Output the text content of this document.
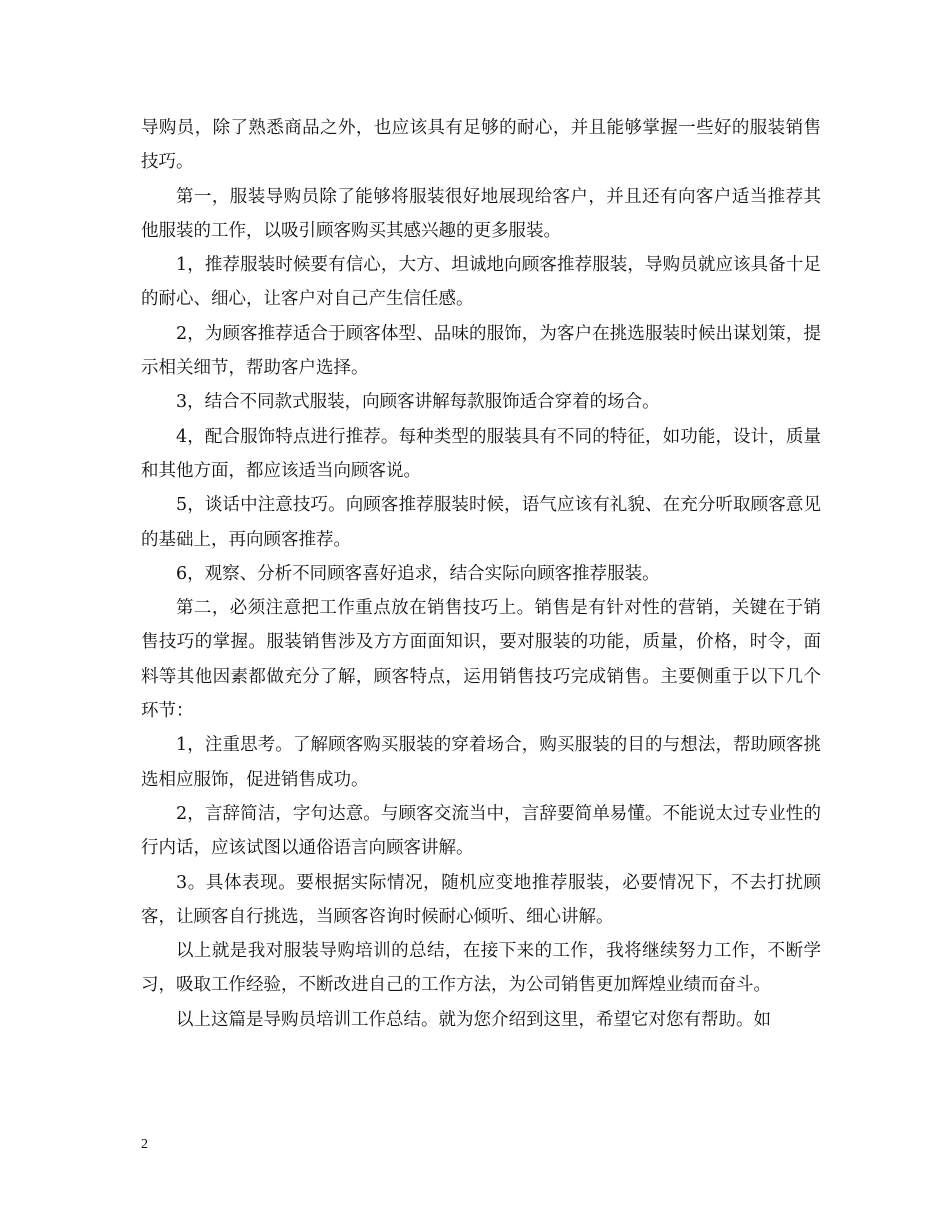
导购员，除了熟悉商品之外，也应该具有足够的耐心，并且能够掌握一些好的服装销售技巧。

第一，服装导购员除了能够将服装很好地展现给客户，并且还有向客户适当推荐其他服装的工作，以吸引顾客购买其感兴趣的更多服装。

1，推荐服装时候要有信心，大方、坦诚地向顾客推荐服装，导购员就应该具备十足的耐心、细心，让客户对自己产生信任感。

2，为顾客推荐适合于顾客体型、品味的服饰，为客户在挑选服装时候出谋划策，提示相关细节，帮助客户选择。

3，结合不同款式服装，向顾客讲解每款服饰适合穿着的场合。

4，配合服饰特点进行推荐。每种类型的服装具有不同的特征，如功能，设计，质量和其他方面，都应该适当向顾客说。

5，谈话中注意技巧。向顾客推荐服装时候，语气应该有礼貌、在充分听取顾客意见的基础上，再向顾客推荐。

6，观察、分析不同顾客喜好追求，结合实际向顾客推荐服装。

第二，必须注意把工作重点放在销售技巧上。销售是有针对性的营销，关键在于销售技巧的掌握。服装销售涉及方方面面知识，要对服装的功能，质量，价格，时令，面料等其他因素都做充分了解，顾客特点，运用销售技巧完成销售。主要侧重于以下几个环节：

1，注重思考。了解顾客购买服装的穿着场合，购买服装的目的与想法，帮助顾客挑选相应服饰，促进销售成功。

2，言辞简洁，字句达意。与顾客交流当中，言辞要简单易懂。不能说太过专业性的行内话，应该试图以通俗语言向顾客讲解。

3。具体表现。要根据实际情况，随机应变地推荐服装，必要情况下，不去打扰顾客，让顾客自行挑选，当顾客咨询时候耐心倾听、细心讲解。

以上就是我对服装导购培训的总结，在接下来的工作，我将继续努力工作，不断学习，吸取工作经验，不断改进自己的工作方法，为公司销售更加辉煌业绩而奋斗。

以上这篇是导购员培训工作总结。就为您介绍到这里，希望它对您有帮助。如

2
